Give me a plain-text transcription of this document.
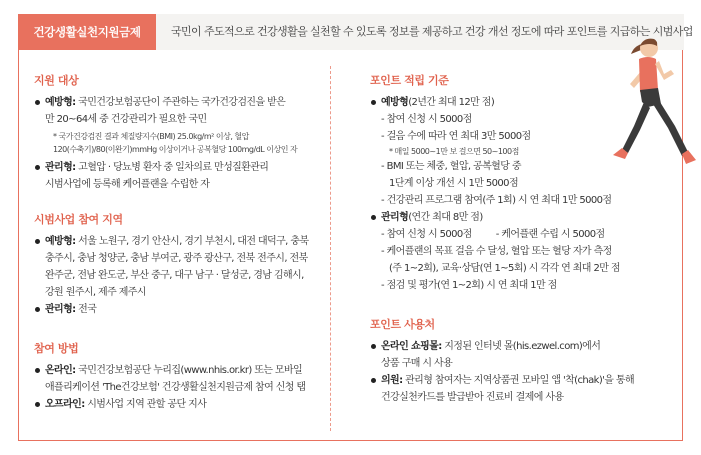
건강생활실천지원금제	국민이 주도적으로 건강생활을 실천할 수 있도록 정보를 제공하고 건강 개선 정도에 따라 포인트를 지급하는 시범사업
지원 대상
예방형: 국민건강보험공단이 주관하는 국가건강검진을 받은
만 20~64세 중 건강관리가 필요한 국민
* 국가건강검진 결과 체질량지수(BMI) 25.0kg/m² 이상, 혈압
120(수축기)/80(이완기)mmHg 이상이거나 공복혈당 100mg/dL 이상인 자
관리형: 고혈압 · 당뇨병 환자 중 일차의료 만성질환관리
시범사업에 등록해 케어플랜을 수립한 자
시범사업 참여 지역
예방형: 서울 노원구, 경기 안산시, 경기 부천시, 대전 대덕구, 충북
충주시, 충남 청양군, 충남 부여군, 광주 광산구, 전북 전주시, 전북
완주군, 전남 완도군, 부산 중구, 대구 남구 · 달성군, 경남 김해시,
강원 원주시, 제주 제주시
관리형: 전국
참여 방법
온라인: 국민건강보험공단 누리집(www.nhis.or.kr) 또는 모바일
애플리케이션 'The건강보험' 건강생활실천지원금제 참여 신청 탭
오프라인: 시범사업 지역 관할 공단 지사
포인트 적립 기준
예방형(2년간 최대 12만 점)
- 참여 신청 시 5000점
- 걸음 수에 따라 연 최대 3만 5000점
* 매일 5000~1만 보 걸으면 50~100점
- BMI 또는 체중, 혈압, 공복혈당 중
1단계 이상 개선 시 1만 5000점
- 건강관리 프로그램 참여(주 1회) 시 연 최대 1만 5000점
관리형(연간 최대 8만 점)
- 참여 신청 시 5000점 - 케어플랜 수립 시 5000점
- 케어플랜의 목표 걸음 수 달성, 혈압 또는 혈당 자가 측정
(주 1~2회), 교육·상담(연 1~5회) 시 각각 연 최대 2만 점
- 점검 및 평가(연 1~2회) 시 연 최대 1만 점
포인트 사용처
온라인 쇼핑몰: 지정된 인터넷 몰(his.ezwel.com)에서
상품 구매 시 사용
의원: 관리형 참여자는 지역상품권 모바일 앱 '착(chak)'을 통해
건강실천카드를 발급받아 진료비 결제에 사용
